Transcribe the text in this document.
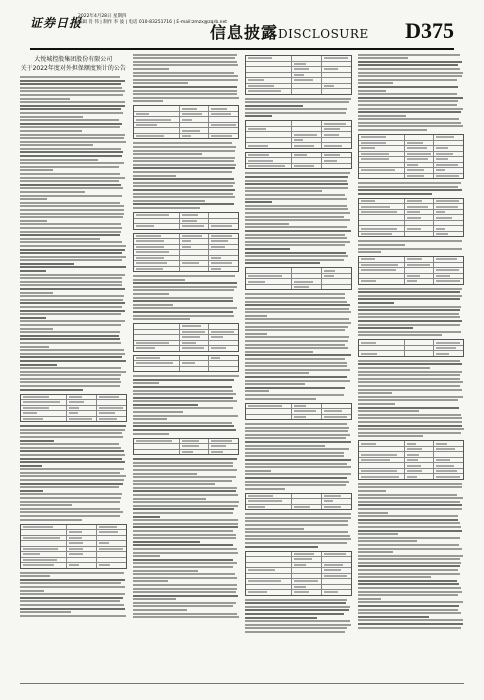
证券日报
2022年4月28日 星期四
编辑 肖 伟 | 制作 李 波 | 电话 010-83251716 | E-mail:zmzx@zqrb.net
信息披露DISCLOSURE D375
大悦城控股集团股份有限公司
关于2022年度对外担保额度预计的公告
